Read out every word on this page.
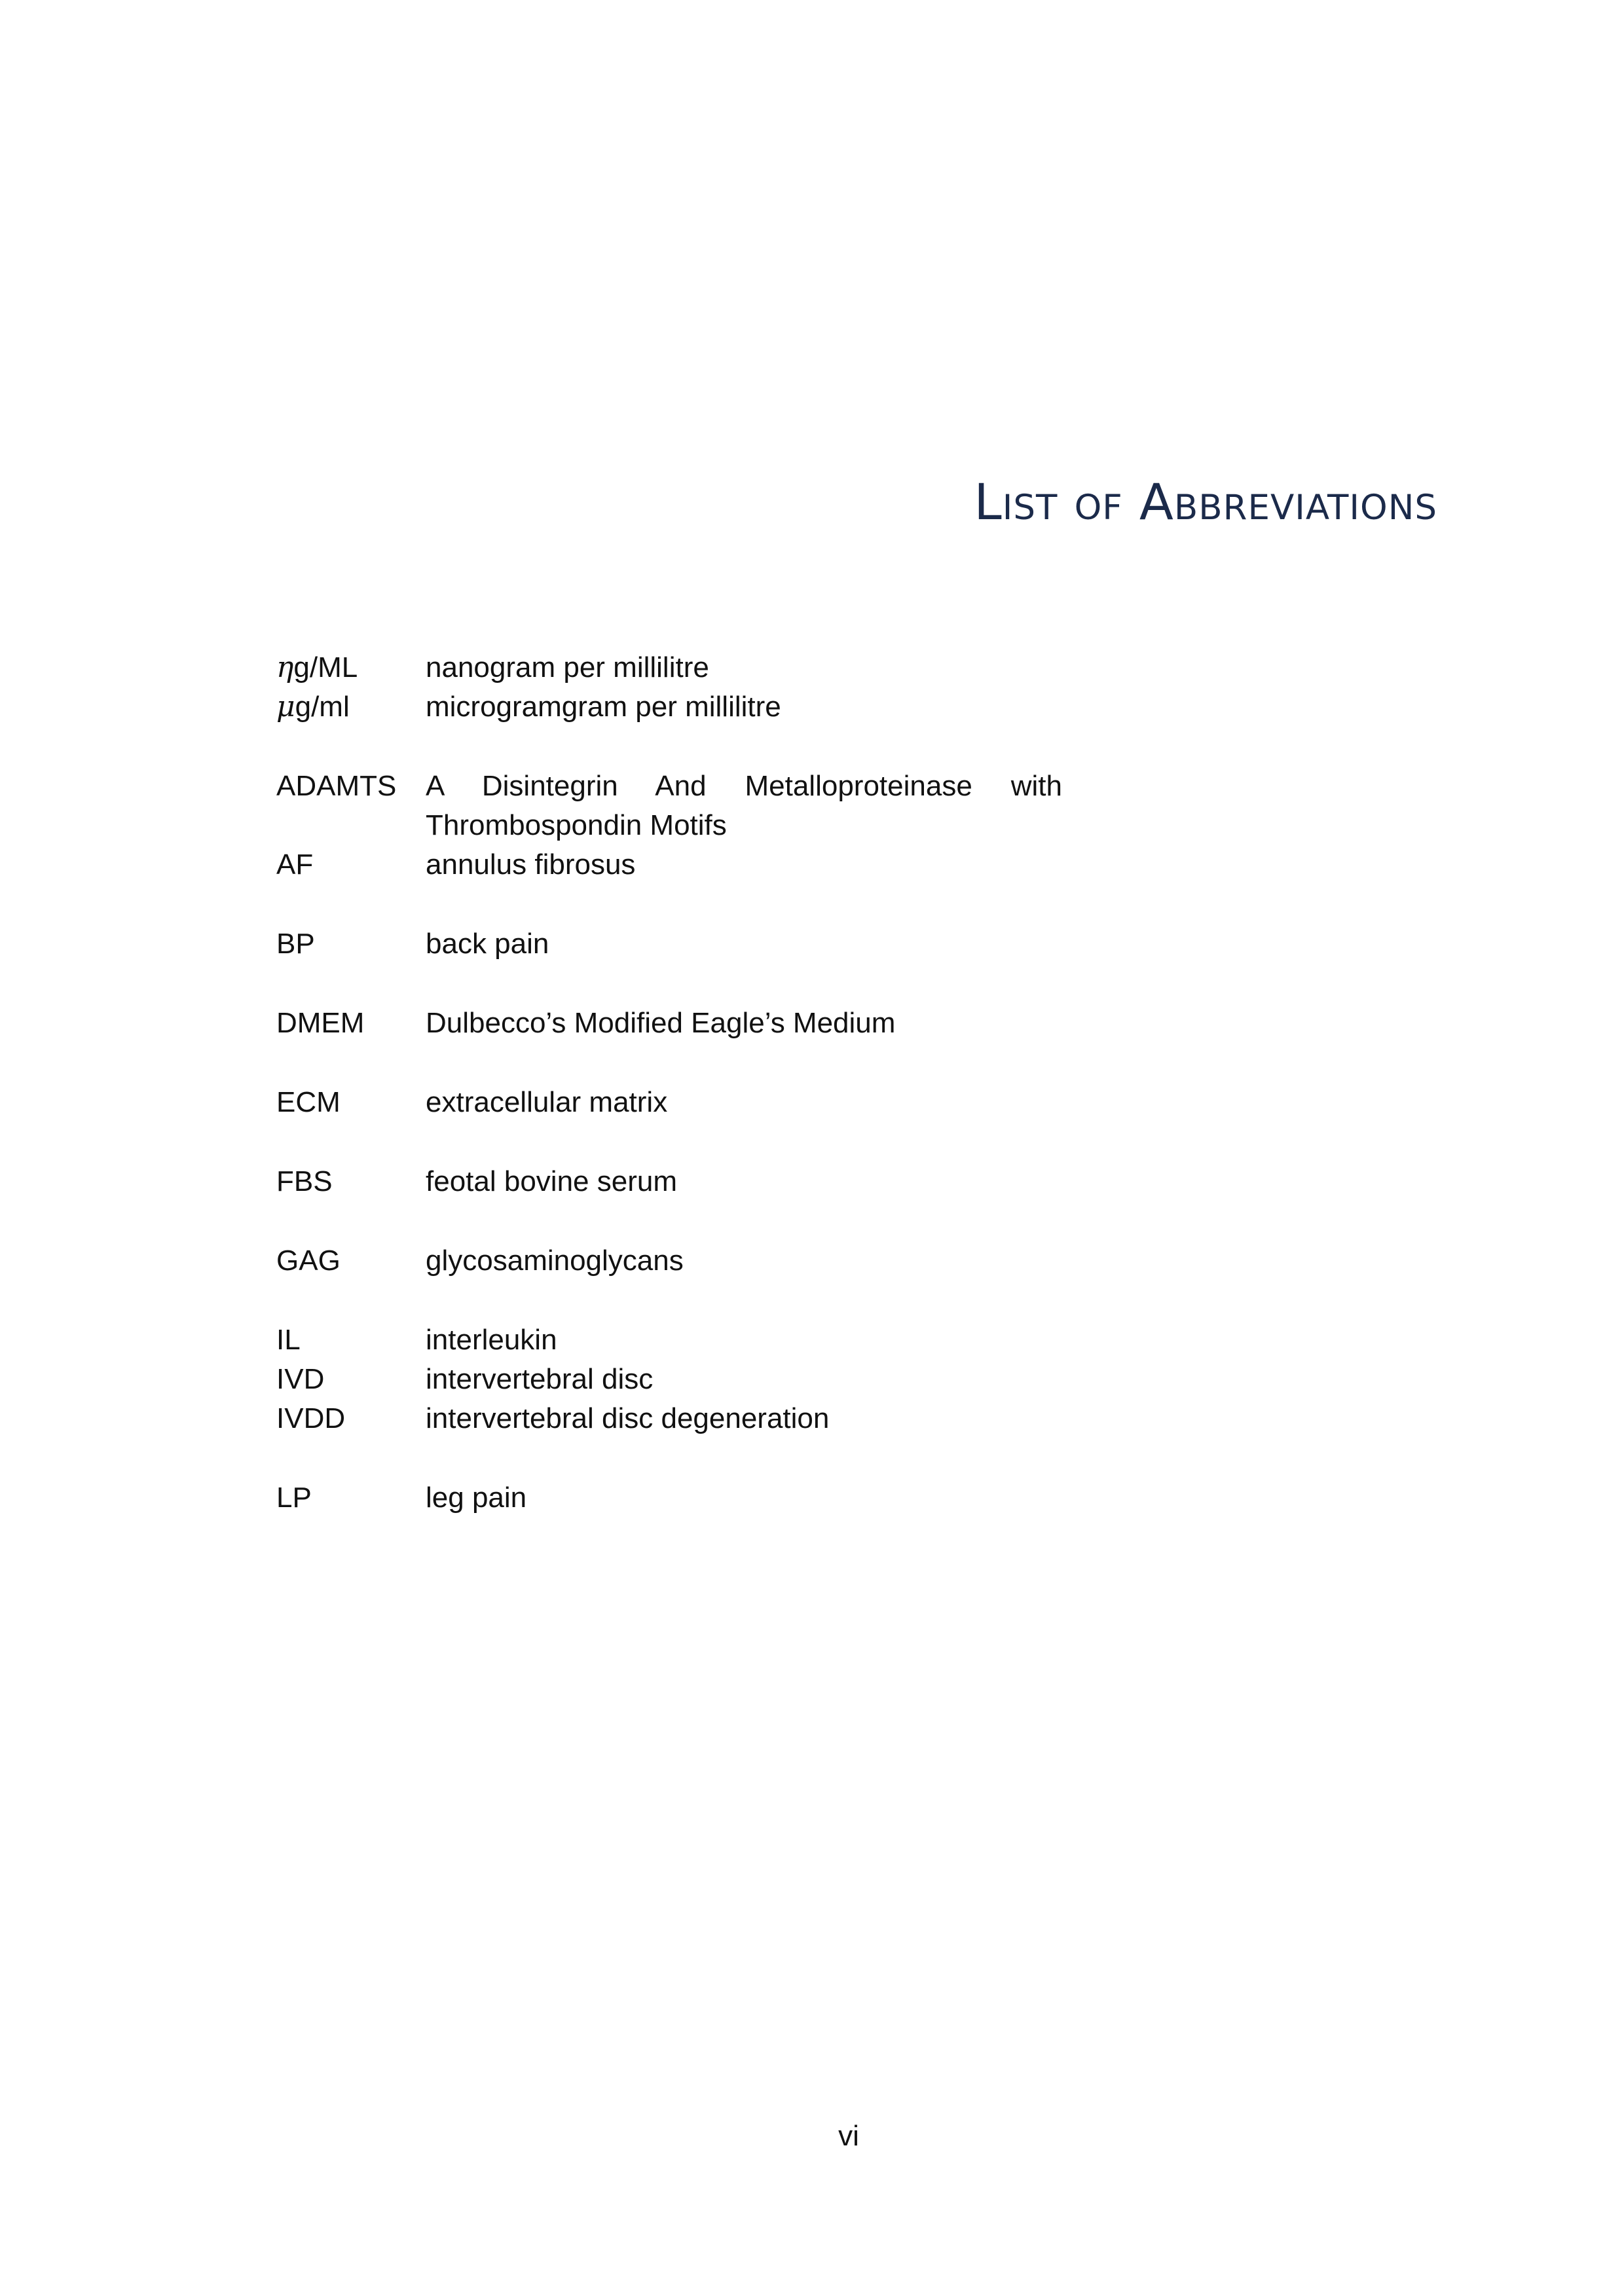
List of Abbreviations
ηg/ML	nanogram per millilitre
μg/ml	microgramgram per millilitre
ADAMTS	A Disintegrin And Metalloproteinase with Thrombospondin Motifs
AF	annulus fibrosus
BP	back pain
DMEM	Dulbecco’s Modified Eagle’s Medium
ECM	extracellular matrix
FBS	feotal bovine serum
GAG	glycosaminoglycans
IL	interleukin
IVD	intervertebral disc
IVDD	intervertebral disc degeneration
LP	leg pain
vi
